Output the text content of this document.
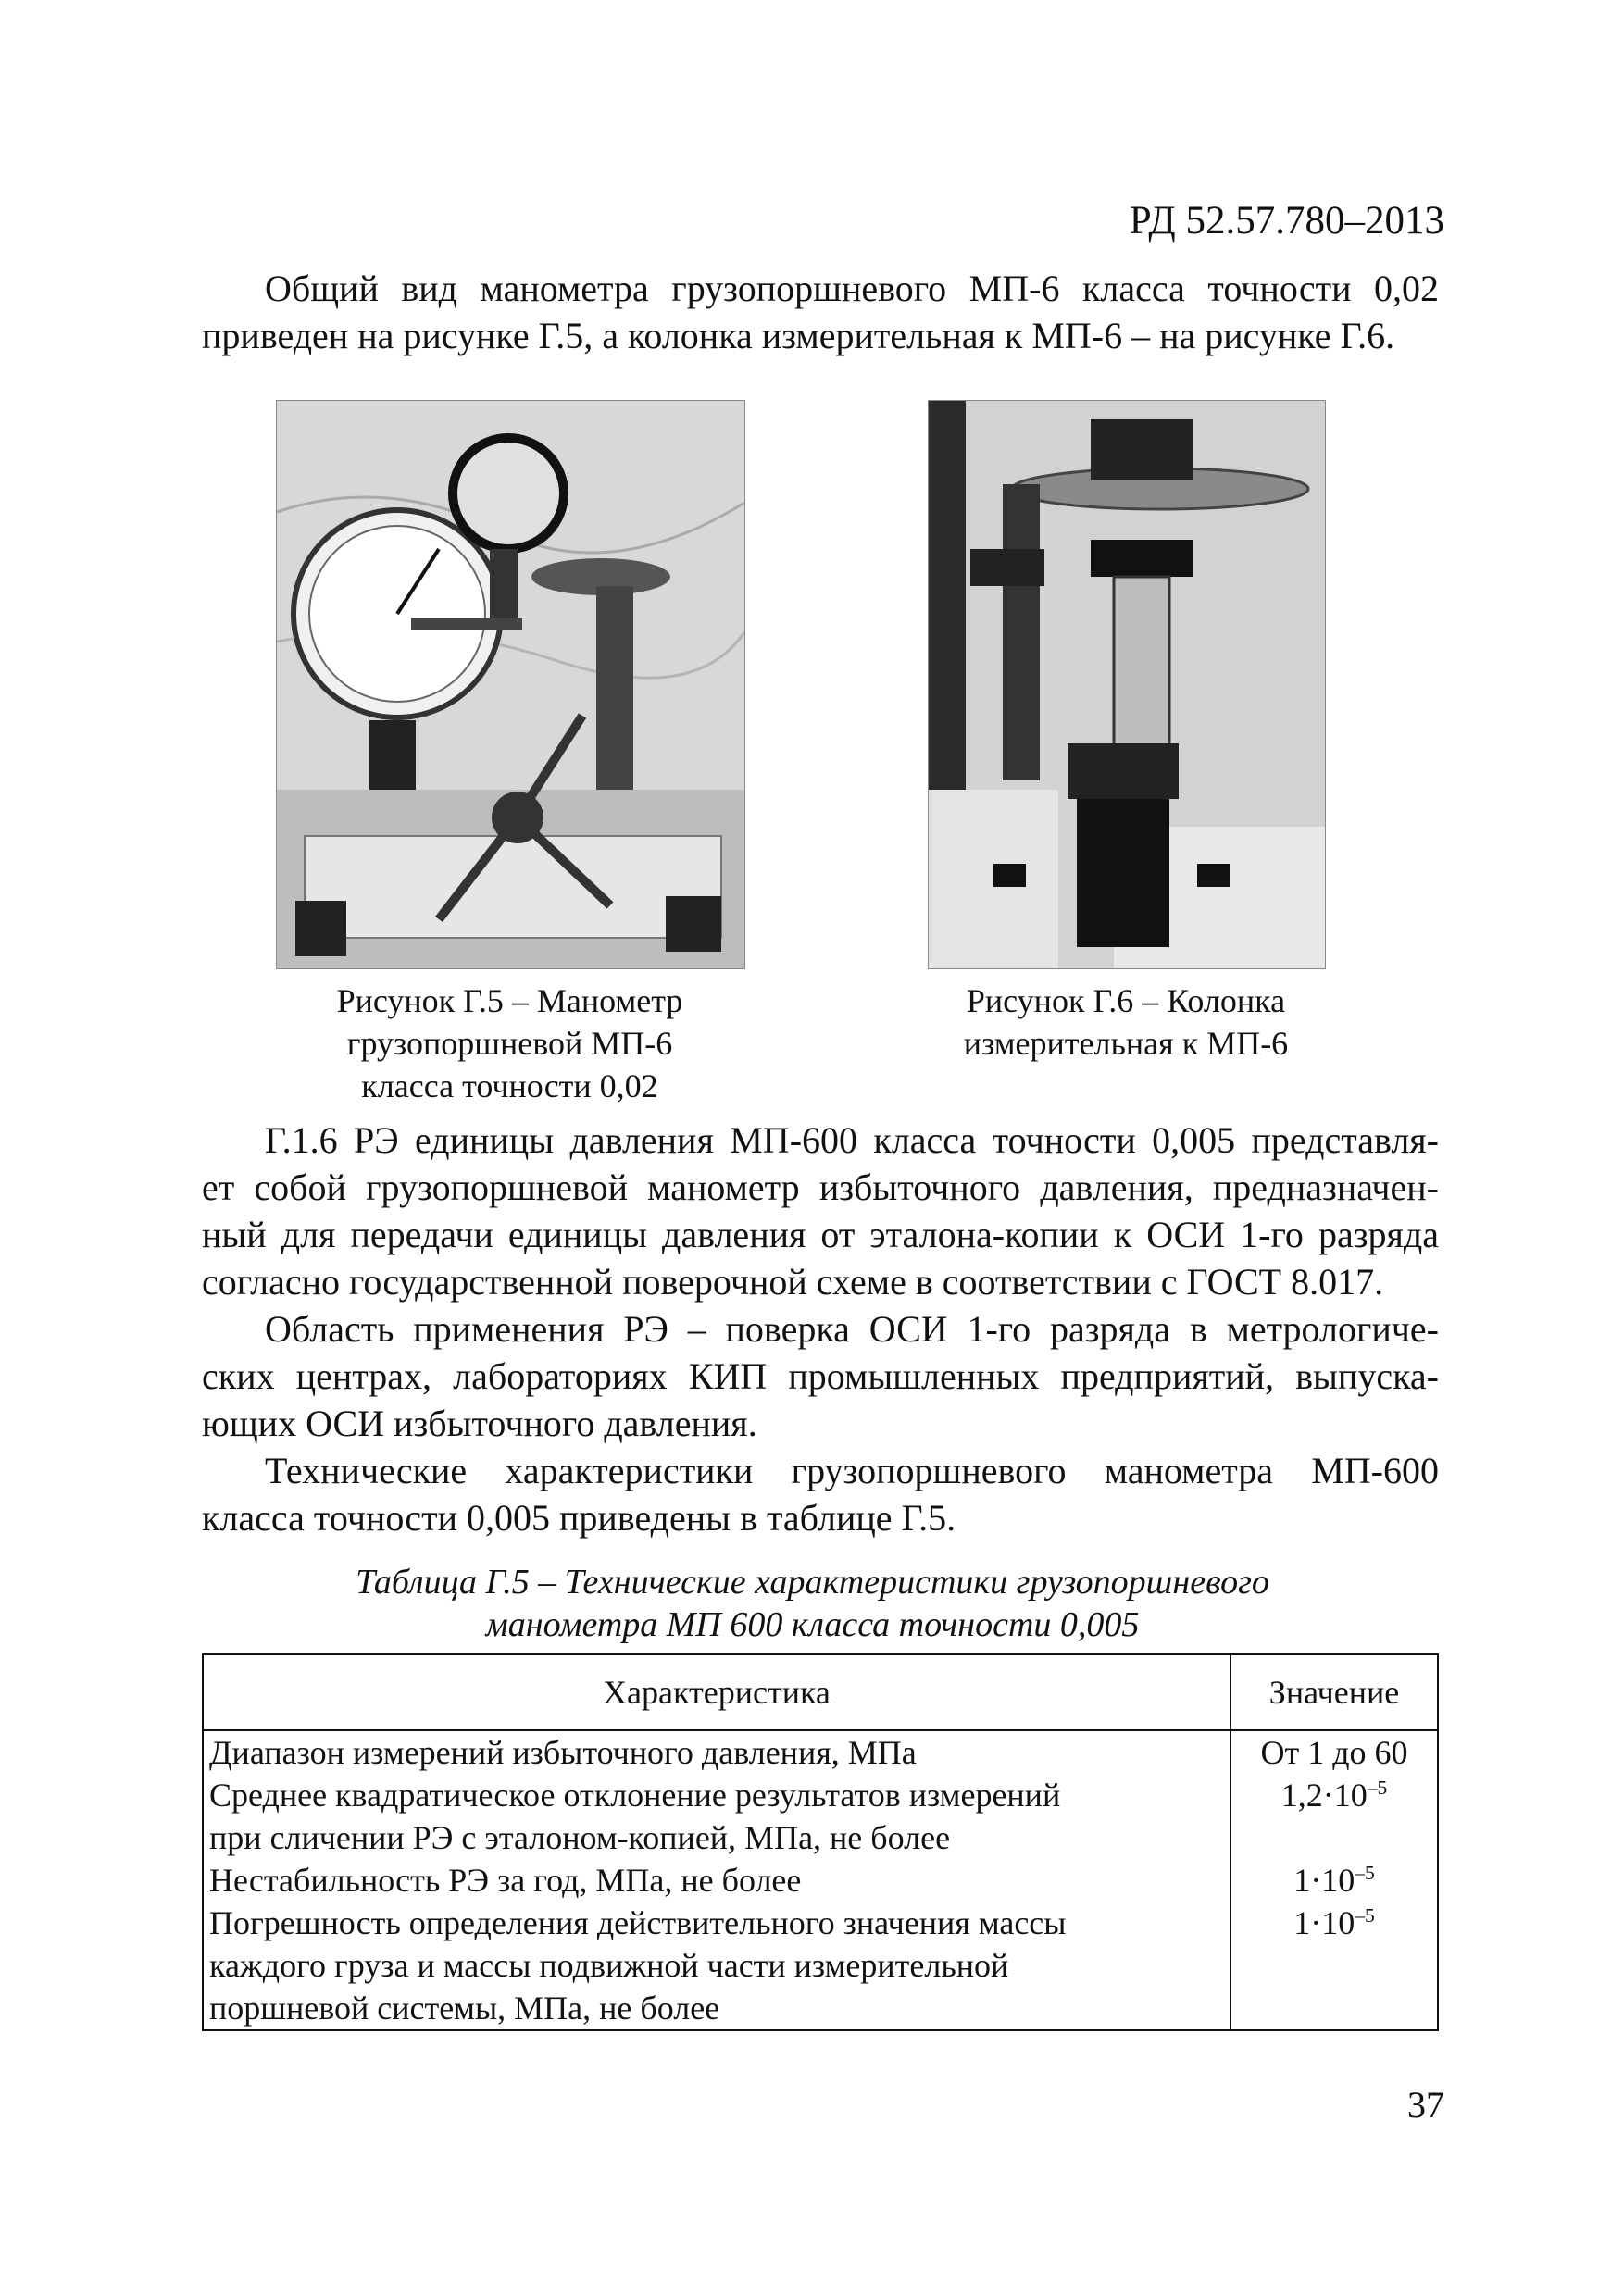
РД 52.57.780–2013
Общий вид манометра грузопоршневого МП-6 класса точности 0,02
приведен на рисунке Г.5, а колонка измерительная к МП-6 – на рисунке Г.6.
Рисунок Г.5 – Манометр
грузопоршневой МП-6
класса точности 0,02
Рисунок Г.6 – Колонка
измерительная к МП-6
Г.1.6 РЭ единицы давления МП-600 класса точности 0,005 представля-
ет собой грузопоршневой манометр избыточного давления, предназначен-
ный для передачи единицы давления от эталона-копии к ОСИ 1-го разряда
согласно государственной поверочной схеме в соответствии с ГОСТ 8.017.
Область применения РЭ – поверка ОСИ 1-го разряда в метрологиче-
ских центрах, лабораториях КИП промышленных предприятий, выпуска-
ющих ОСИ избыточного давления.
Технические характеристики грузопоршневого манометра МП-600
класса точности 0,005 приведены в таблице Г.5.
Таблица Г.5 – Технические характеристики грузопоршневого
манометра МП 600 класса точности 0,005
Характеристика	Значение

Диапазон измерений избыточного давления, МПа	От 1 до 60

Среднее квадратическое отклонение результатов измерений
при сличении РЭ с эталоном-копией, МПа, не более	$1,2\cdot 10^{-5}$

Нестабильность РЭ за год, МПа, не более	$1\cdot 10^{-5}$

Погрешность определения действительного значения массы
каждого груза и массы подвижной части измерительной
поршневой системы, МПа, не более	$1\cdot 10^{-5}$
37
